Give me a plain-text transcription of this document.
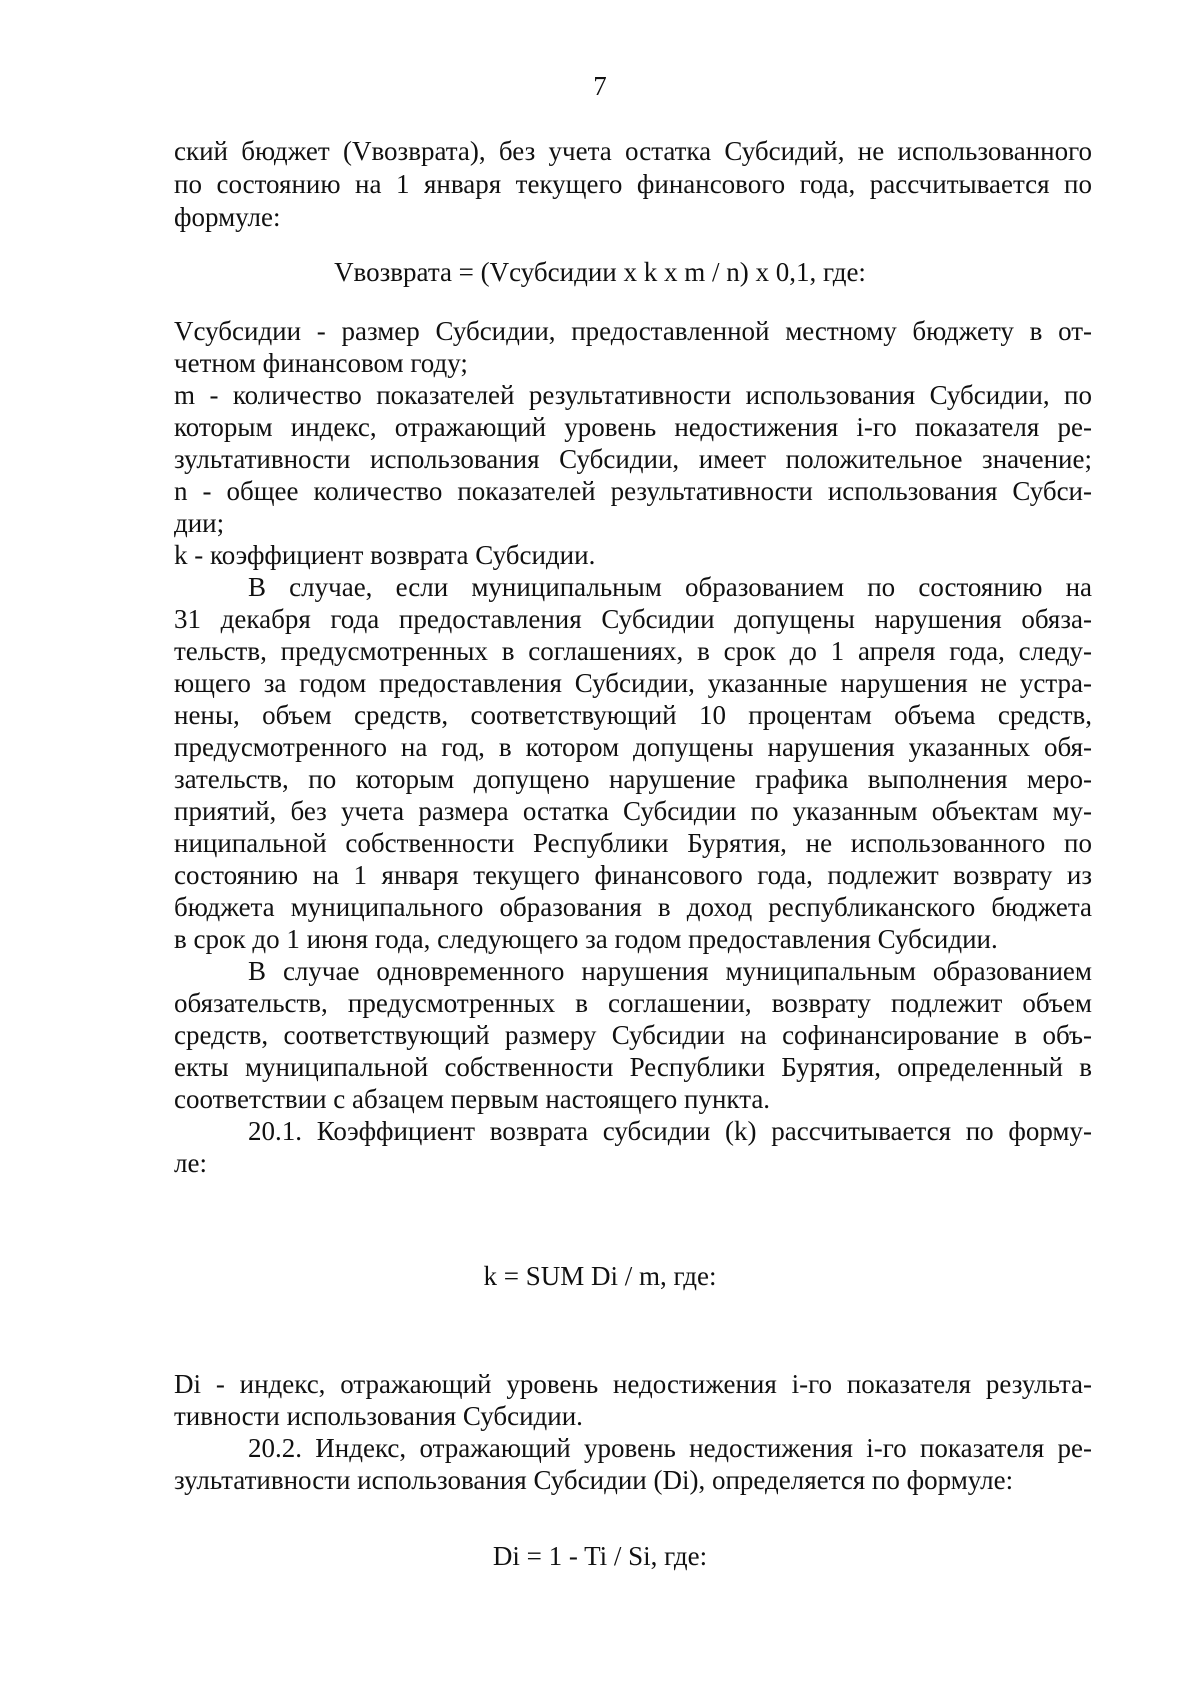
7
ский бюджет (Vвозврата), без учета остатка Субсидий, не использованного
по состоянию на 1 января текущего финансового года, рассчитывается по
формуле:
Vвозврата = (Vсубсидии x k x m / n) x 0,1, где:
Vсубсидии - размер Субсидии, предоставленной местному бюджету в от-
четном финансовом году;
m - количество показателей результативности использования Субсидии, по
которым индекс, отражающий уровень недостижения i-го показателя ре-
зультативности использования Субсидии, имеет положительное значение;
n - общее количество показателей результативности использования Субси-
дии;
k - коэффициент возврата Субсидии.
В случае, если муниципальным образованием по состоянию на
31 декабря года предоставления Субсидии допущены нарушения обяза-
тельств, предусмотренных в соглашениях, в срок до 1 апреля года, следу-
ющего за годом предоставления Субсидии, указанные нарушения не устра-
нены, объем средств, соответствующий 10 процентам объема средств,
предусмотренного на год, в котором допущены нарушения указанных обя-
зательств, по которым допущено нарушение графика выполнения меро-
приятий, без учета размера остатка Субсидии по указанным объектам му-
ниципальной собственности Республики Бурятия, не использованного по
состоянию на 1 января текущего финансового года, подлежит возврату из
бюджета муниципального образования в доход республиканского бюджета
в срок до 1 июня года, следующего за годом предоставления Субсидии.
В случае одновременного нарушения муниципальным образованием
обязательств, предусмотренных в соглашении, возврату подлежит объем
средств, соответствующий размеру Субсидии на софинансирование в объ-
екты муниципальной собственности Республики Бурятия, определенный в
соответствии с абзацем первым настоящего пункта.
20.1. Коэффициент возврата субсидии (k) рассчитывается по форму-
ле:
k = SUM Di / m, где:
Di - индекс, отражающий уровень недостижения i-го показателя результа-
тивности использования Субсидии.
20.2. Индекс, отражающий уровень недостижения i-го показателя ре-
зультативности использования Субсидии (Di), определяется по формуле:
Di = 1 - Ti / Si, где:
